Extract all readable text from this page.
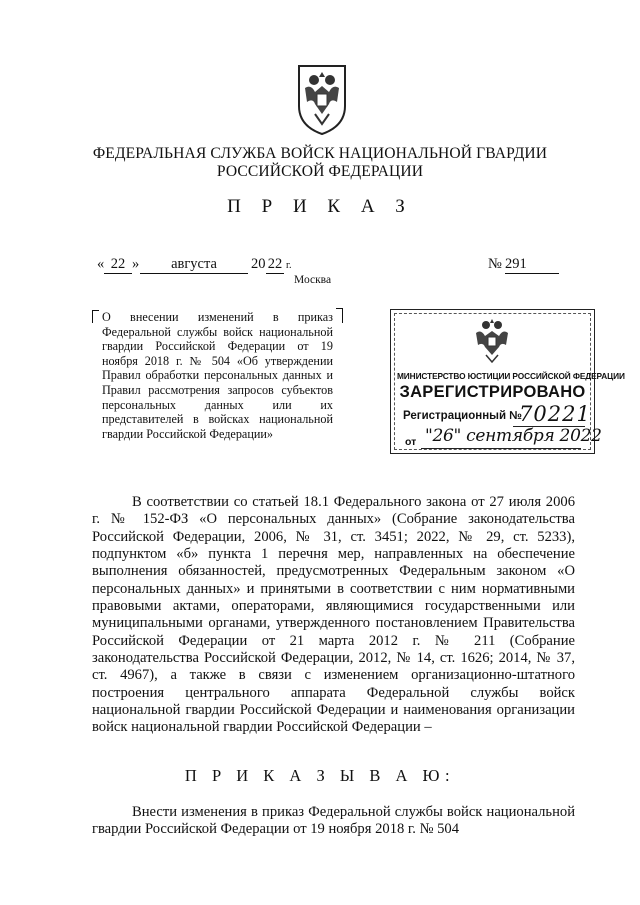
ФЕДЕРАЛЬНАЯ СЛУЖБА ВОЙСК НАЦИОНАЛЬНОЙ ГВАРДИИ
РОССИЙСКОЙ ФЕДЕРАЦИИ
П Р И К А З
« 22 »	августа	20 22 г.	№ 291
Москва
О внесении изменений в приказ Федеральной службы войск национальной гвардии Российской Федерации от 19 ноября 2018 г. № 504 «Об утверждении Правил обработки персональных данных и Правил рассмотрения запросов субъектов персональных данных или их представителей в войсках национальной гвардии Российской Федерации»
МИНИСТЕРСТВО ЮСТИЦИИ РОССИЙСКОЙ ФЕДЕРАЦИИ
ЗАРЕГИСТРИРОВАНО
Регистрационный №
70221
от "26" сентября 2022
В соответствии со статьей 18.1 Федерального закона от 27 июля 2006 г. № 152-ФЗ «О персональных данных» (Собрание законодательства Российской Федерации, 2006, № 31, ст. 3451; 2022, № 29, ст. 5233), подпунктом «б» пункта 1 перечня мер, направленных на обеспечение выполнения обязанностей, предусмотренных Федеральным законом «О персональных данных» и принятыми в соответствии с ним нормативными правовыми актами, операторами, являющимися государственными или муниципальными органами, утвержденного постановлением Правительства Российской Федерации от 21 марта 2012 г. № 211 (Собрание законодательства Российской Федерации, 2012, № 14, ст. 1626; 2014, № 37, ст. 4967), а также в связи с изменением организационно-штатного построения центрального аппарата Федеральной службы войск национальной гвардии Российской Федерации и наименования организации войск национальной гвардии Российской Федерации –
П Р И К А З Ы В А Ю:
Внести изменения в приказ Федеральной службы войск национальной гвардии Российской Федерации от 19 ноября 2018 г. № 504
